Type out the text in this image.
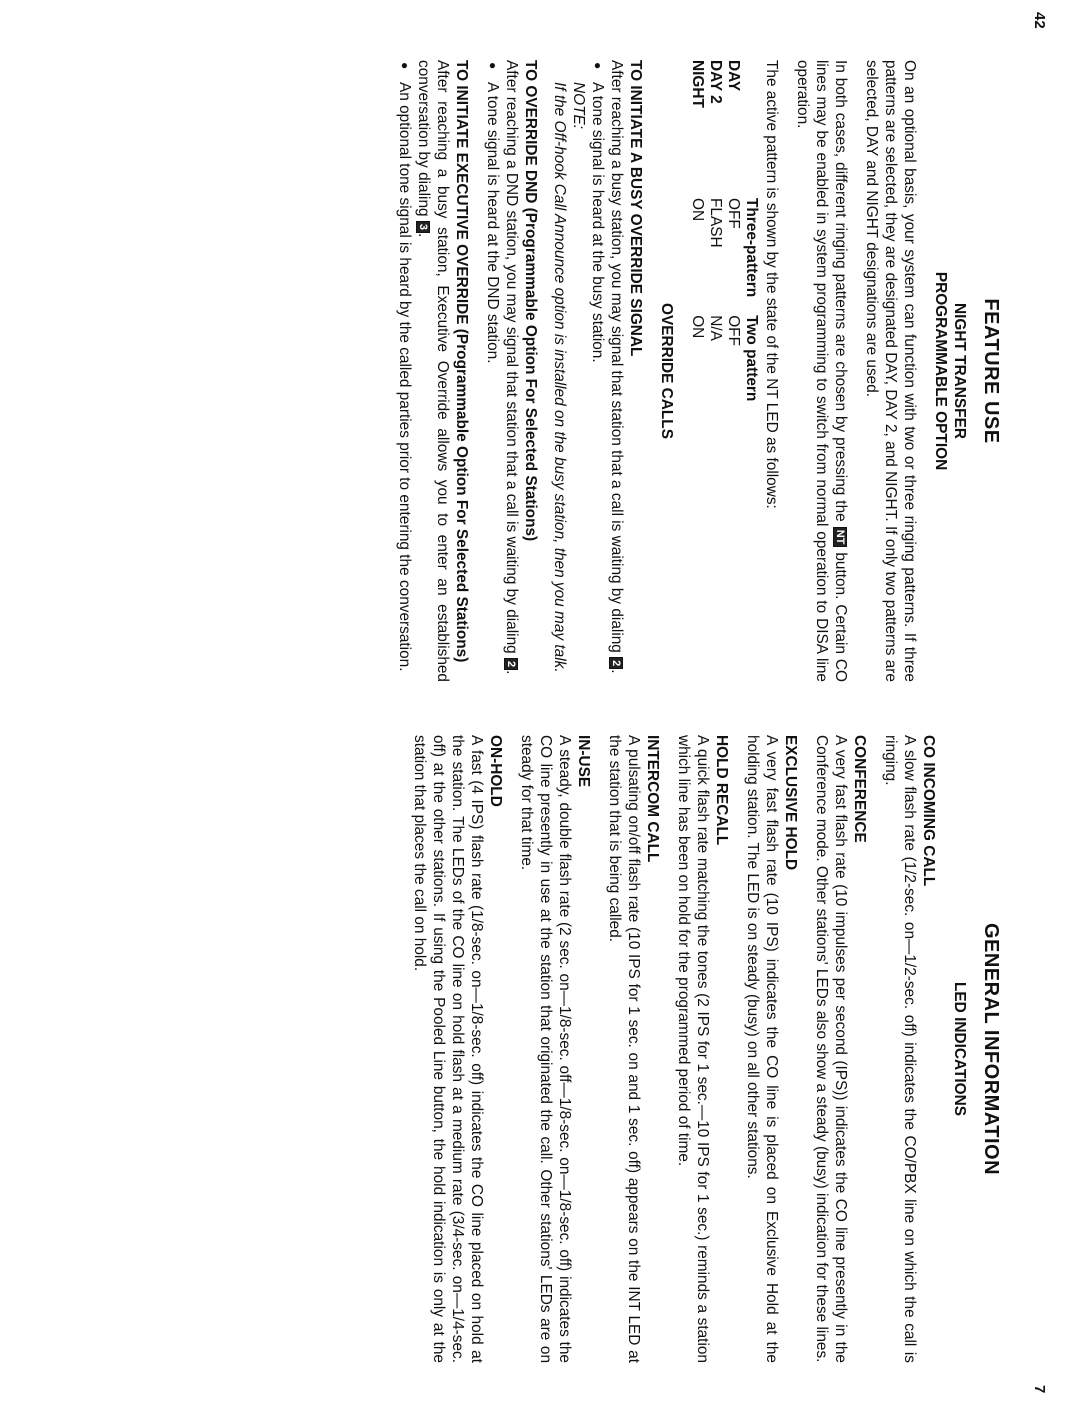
42
7
FEATURE USE
NIGHT TRANSFER
PROGRAMMABLE OPTION

On an optional basis, your system can function with two or three ringing patterns. If three patterns are selected, they are designated DAY, DAY 2, and NIGHT. If only two patterns are selected, DAY and NIGHT designations are used.

In both cases, different ringing patterns are chosen by pressing the NT button. Certain CO lines may be enabled in system programming to switch from normal operation to DISA line operation.

The active pattern is shown by the state of the NT LED as follows:

	Three-pattern	Two pattern
DAY	OFF	OFF
DAY 2	FLASH	N/A
NIGHT	ON	ON
OVERRIDE CALLS
TO INITIATE A BUSY OVERRIDE SIGNAL

After reaching a busy station, you may signal that station that a call is waiting by dialing 2.

● A tone signal is heard at the busy station.
NOTE:
If the Off-hook Call Announce option is installed on the busy station, then you may talk.
TO OVERRIDE DND (Programmable Option For Selected Stations)

After reaching a DND station, you may signal that station that a call is waiting by dialing 2.

● A tone signal is heard at the DND station.
TO INITIATE EXECUTIVE OVERRIDE (Programmable Option For Selected Stations)

After reaching a busy station, Executive Override allows you to enter an established conversation by dialing 3.

● An optional tone signal is heard by the called parties prior to entering the conversation.
GENERAL INFORMATION
LED INDICATIONS
CO INCOMING CALL

A slow flash rate (1/2-sec. on—1/2-sec. off) indicates the CO/PBX line on which the call is ringing.

CONFERENCE

A very fast flash rate (10 impulses per second (IPS)) indicates the CO line presently in the Conference mode. Other stations' LEDs also show a steady (busy) indication for these lines.

EXCLUSIVE HOLD

A very fast flash rate (10 IPS) indicates the CO line is placed on Exclusive Hold at the holding station. The LED is on steady (busy) on all other stations.

HOLD RECALL

A quick flash rate matching the tones (2 IPS for 1 sec.—10 IPS for 1 sec.) reminds a station which line has been on hold for the programmed period of time.

INTERCOM CALL

A pulsating on/off flash rate (10 IPS for 1 sec. on and 1 sec. off) appears on the INT LED at the station that is being called.

IN-USE

A steady, double flash rate (2 sec. on—1/8-sec. off—1/8-sec. on—1/8-sec. off) indicates the CO line presently in use at the station that originated the call. Other stations' LEDs are on steady for that time.

ON-HOLD

A fast (4 IPS) flash rate (1/8-sec. on—1/8-sec. off) indicates the CO line placed on hold at the station. The LEDs of the CO line on hold flash at a medium rate (3/4-sec. on—1/4-sec. off) at the other stations. If using the Pooled Line button, the hold indication is only at the station that places the call on hold.
